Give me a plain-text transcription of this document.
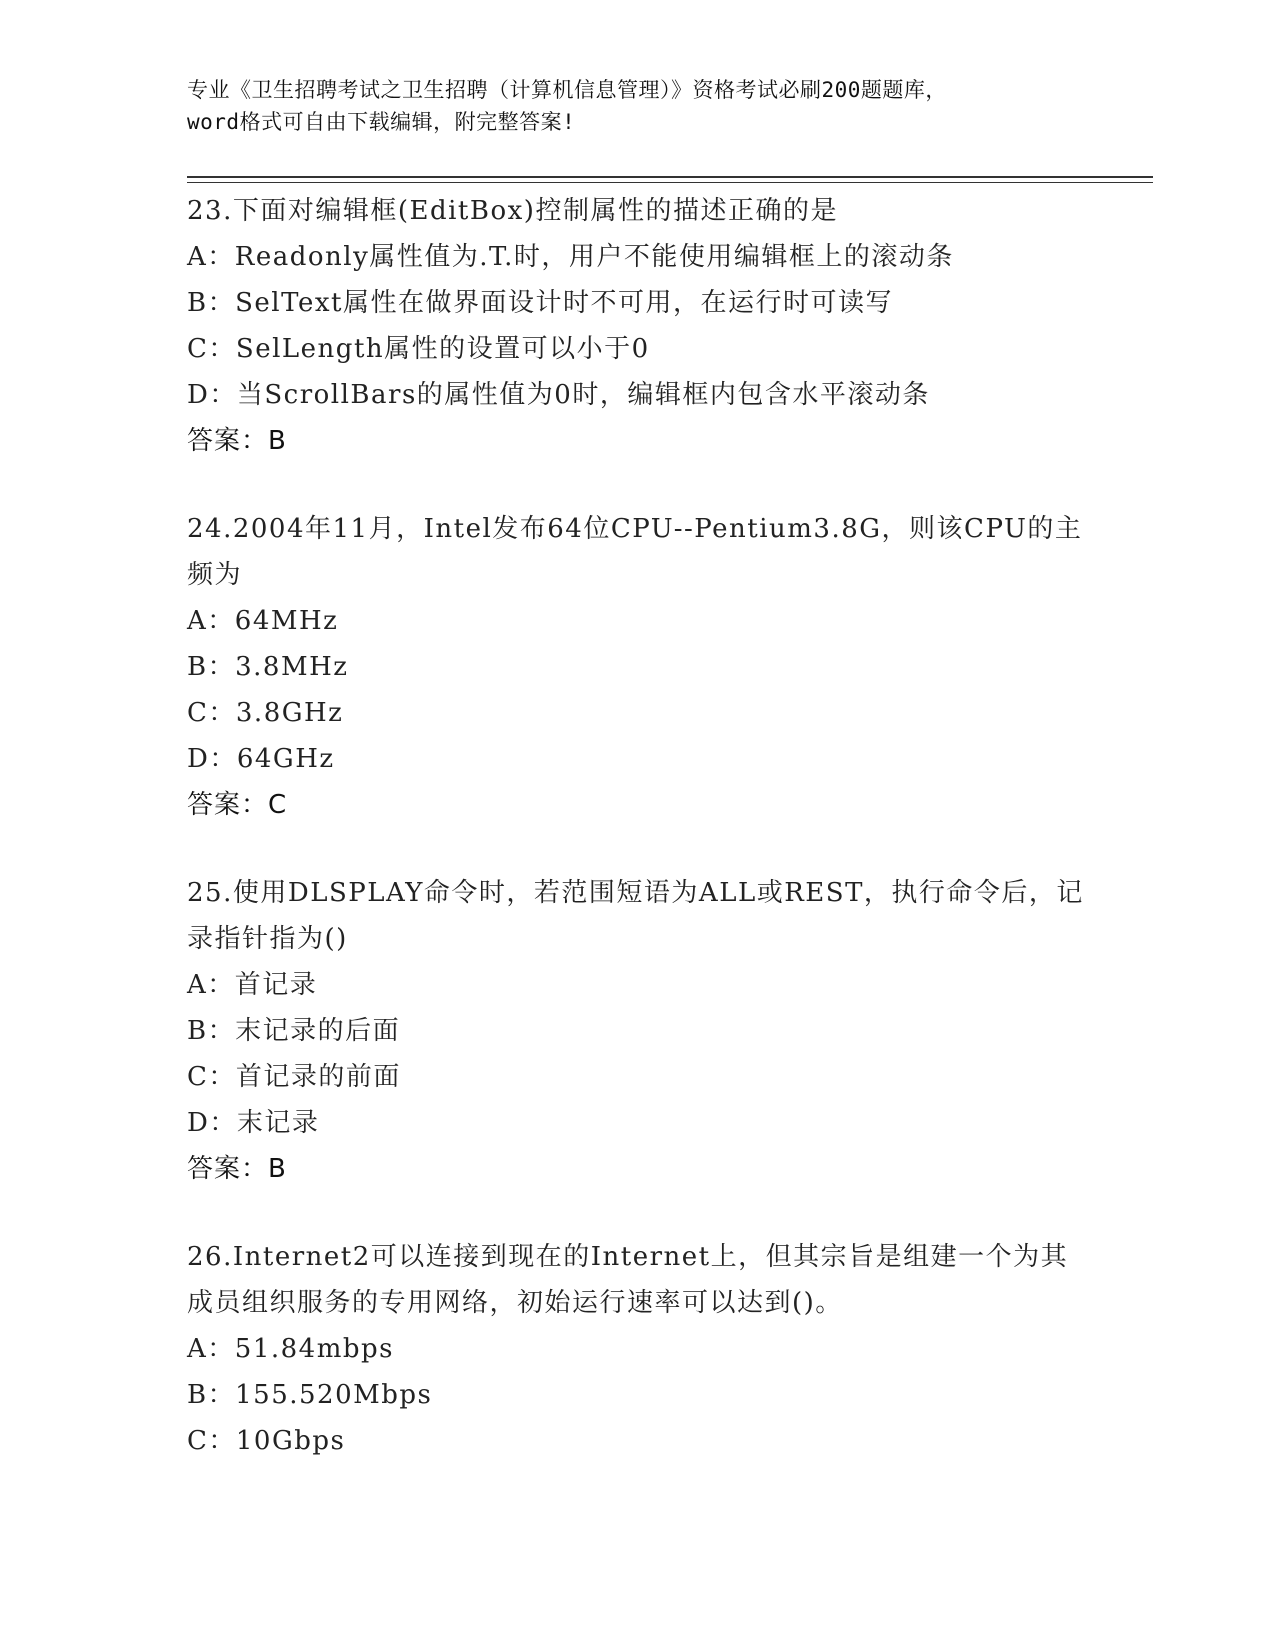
专业《卫生招聘考试之卫生招聘（计算机信息管理）》资格考试必刷200题题库，
word格式可自由下载编辑，附完整答案!
23.下面对编辑框(EditBox)控制属性的描述正确的是
A：Readonly属性值为.T.时，用户不能使用编辑框上的滚动条
B：SelText属性在做界面设计时不可用，在运行时可读写
C：SelLength属性的设置可以小于0
D：当ScrollBars的属性值为0时，编辑框内包含水平滚动条
答案：B
24.2004年11月，Intel发布64位CPU--Pentium3.8G，则该CPU的主频为
A：64MHz
B：3.8MHz
C：3.8GHz
D：64GHz
答案：C
25.使用DLSPLAY命令时，若范围短语为ALL或REST，执行命令后，记录指针指为()
A：首记录
B：末记录的后面
C：首记录的前面
D：末记录
答案：B
26.Internet2可以连接到现在的Internet上，但其宗旨是组建一个为其成员组织服务的专用网络，初始运行速率可以达到()。
A：51.84mbps
B：155.520Mbps
C：10Gbps
